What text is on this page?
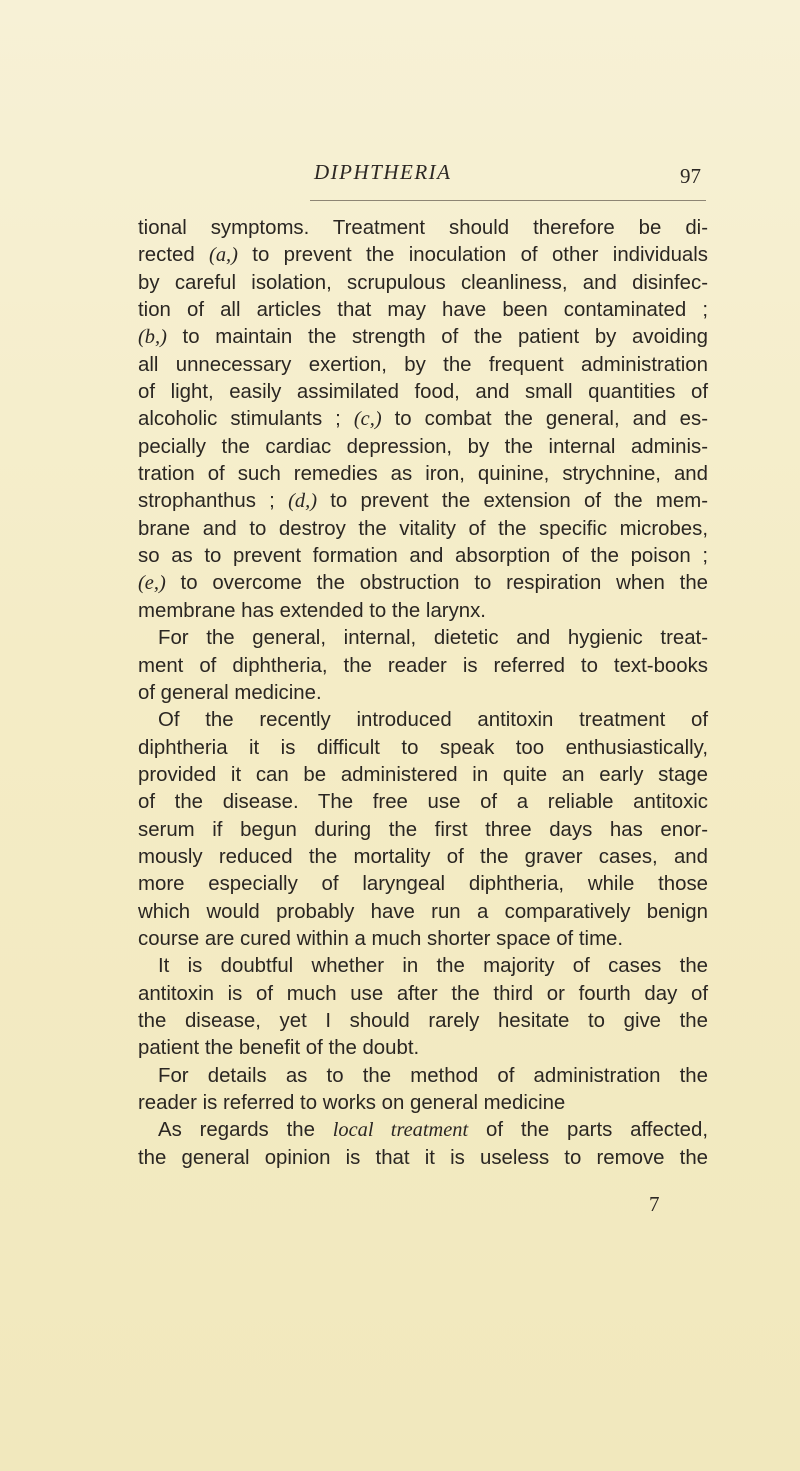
DIPHTHERIA	97
tional symptoms. Treatment should therefore be di-
rected (a,) to prevent the inoculation of other individuals
by careful isolation, scrupulous cleanliness, and disinfec-
tion of all articles that may have been contaminated ;
(b,) to maintain the strength of the patient by avoiding
all unnecessary exertion, by the frequent administration
of light, easily assimilated food, and small quantities of
alcoholic stimulants ; (c,) to combat the general, and es-
pecially the cardiac depression, by the internal adminis-
tration of such remedies as iron, quinine, strychnine, and
strophanthus ; (d,) to prevent the extension of the mem-
brane and to destroy the vitality of the specific microbes,
so as to prevent formation and absorption of the poison ;
(e,) to overcome the obstruction to respiration when the
membrane has extended to the larynx.
For the general, internal, dietetic and hygienic treat-
ment of diphtheria, the reader is referred to text-books
of general medicine.
Of the recently introduced antitoxin treatment of
diphtheria it is difficult to speak too enthusiastically,
provided it can be administered in quite an early stage
of the disease. The free use of a reliable antitoxic
serum if begun during the first three days has enor-
mously reduced the mortality of the graver cases, and
more especially of laryngeal diphtheria, while those
which would probably have run a comparatively benign
course are cured within a much shorter space of time.
It is doubtful whether in the majority of cases the
antitoxin is of much use after the third or fourth day of
the disease, yet I should rarely hesitate to give the
patient the benefit of the doubt.
For details as to the method of administration the
reader is referred to works on general medicine
As regards the local treatment of the parts affected,
the general opinion is that it is useless to remove the
7
